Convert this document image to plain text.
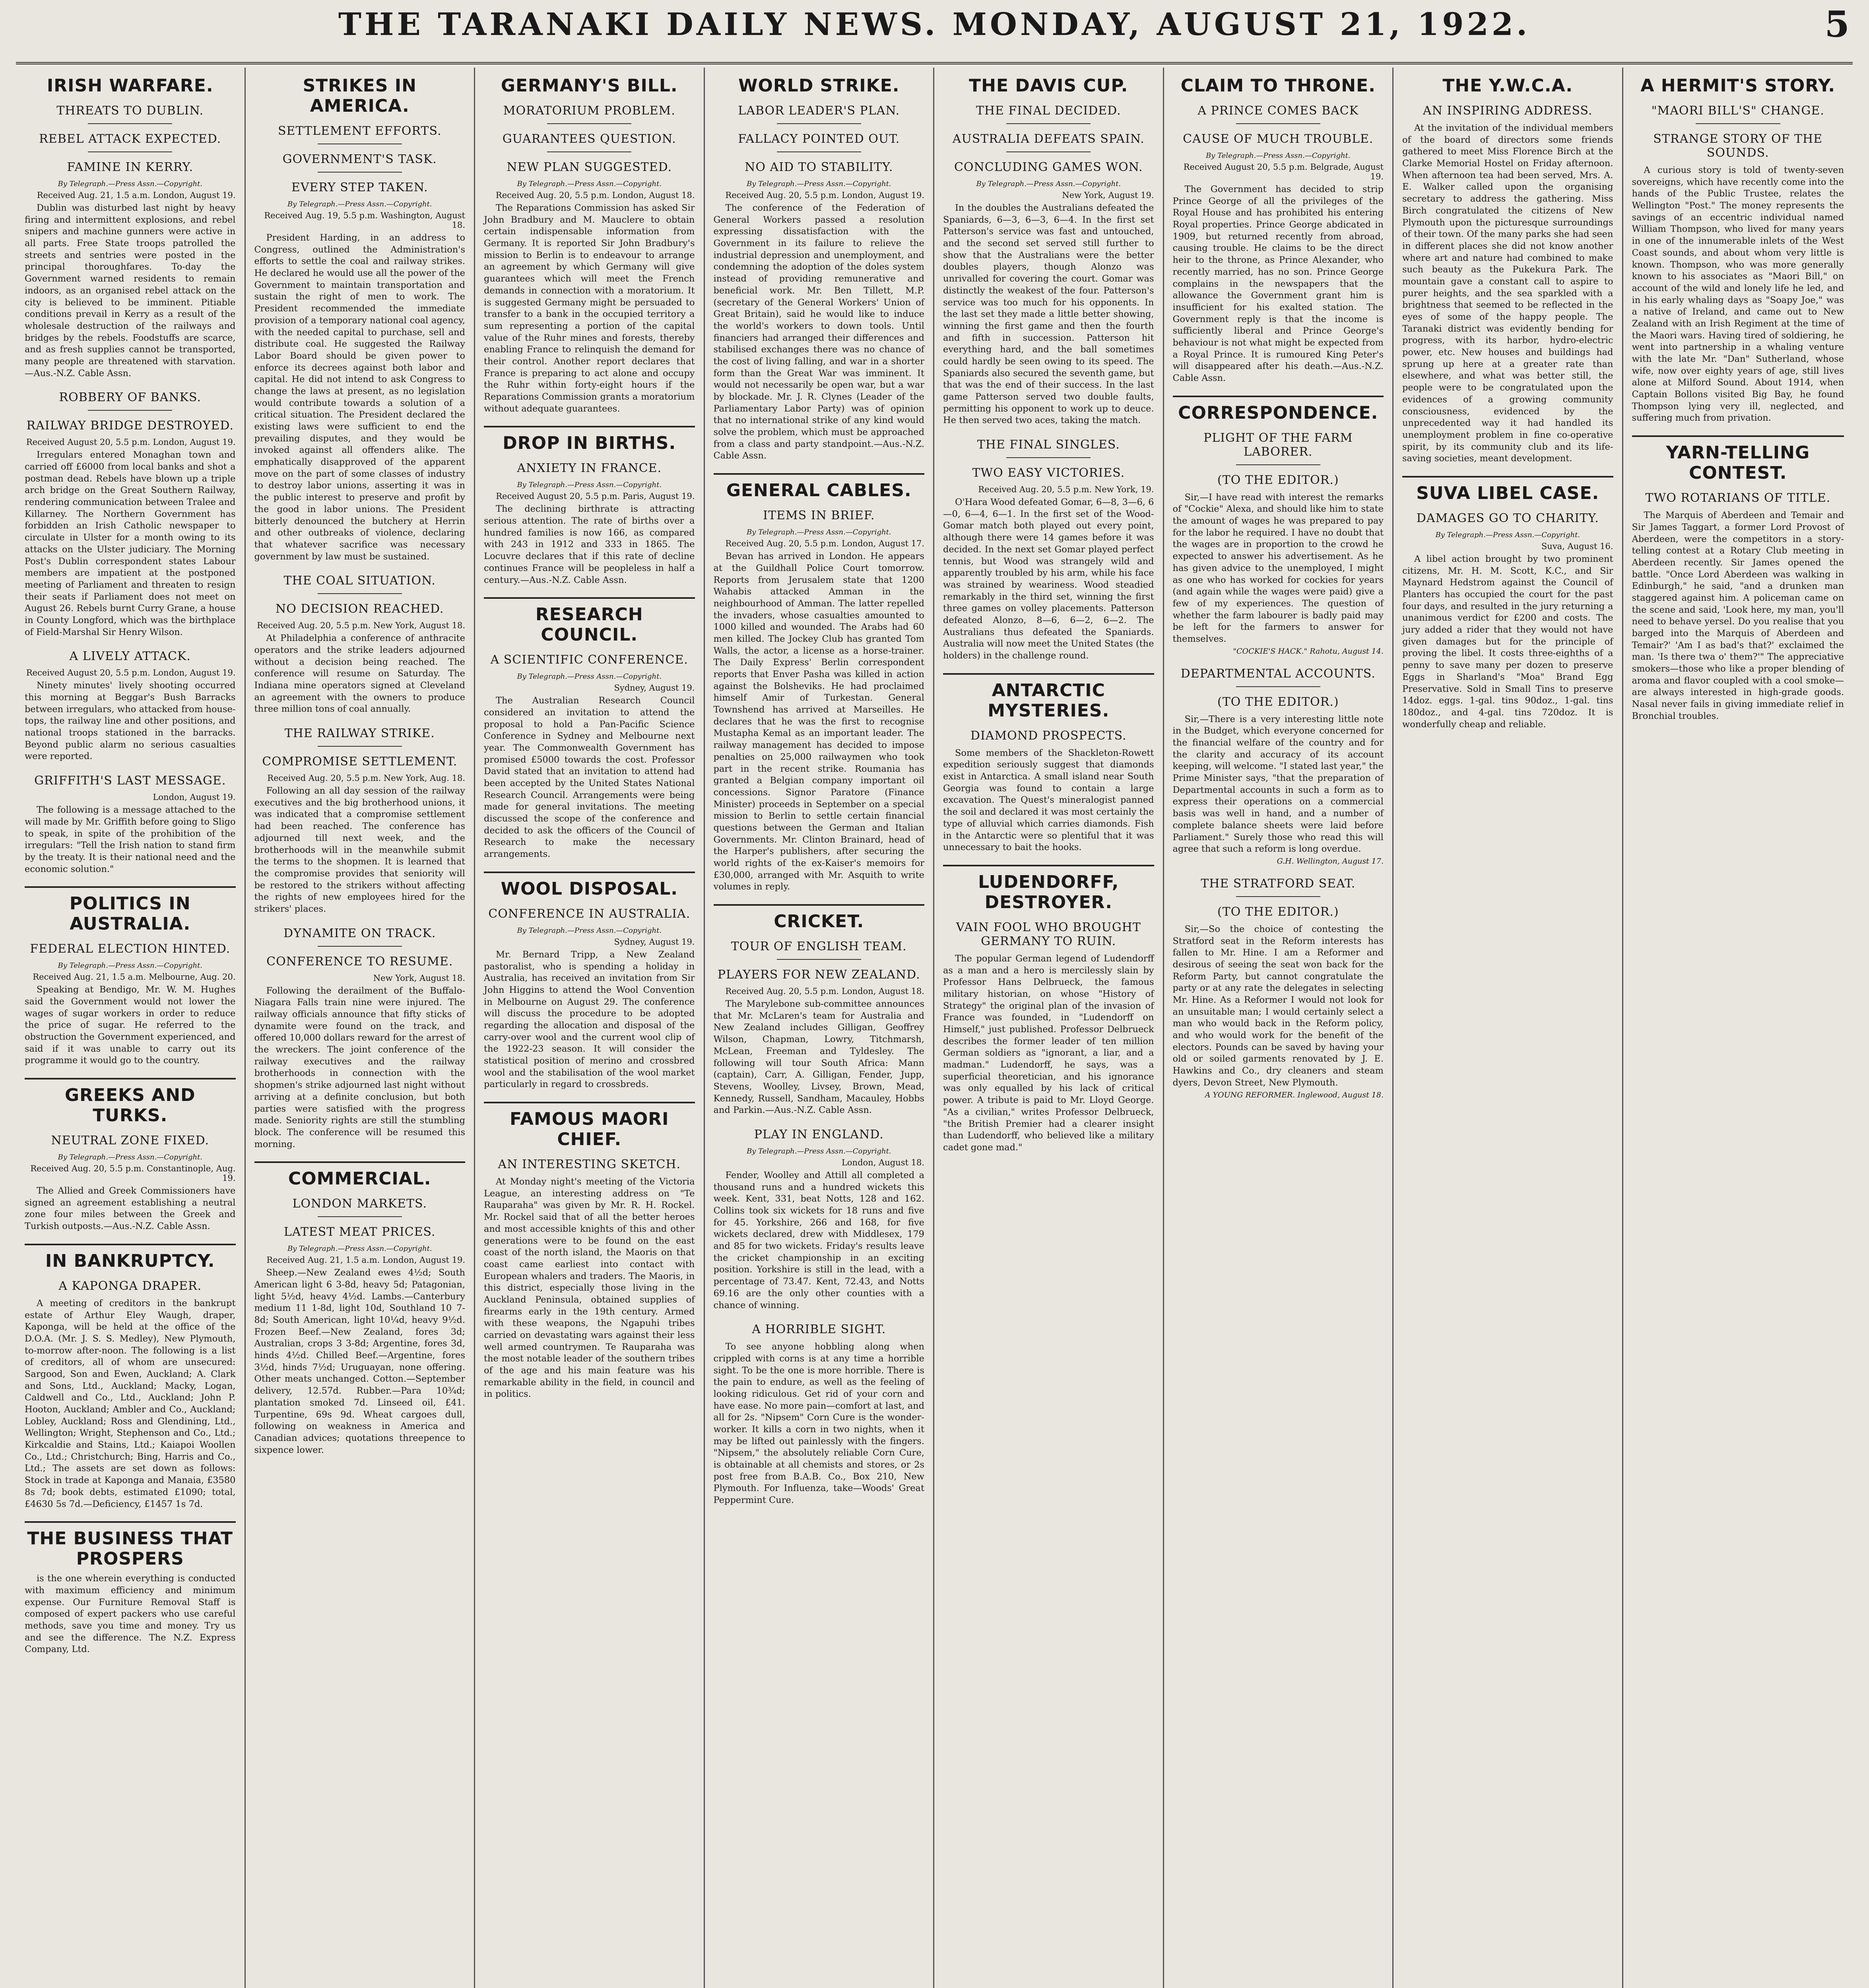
THE TARANAKI DAILY NEWS. MONDAY, AUGUST 21, 1922.	5
IRISH WARFARE.
THREATS TO DUBLIN.
REBEL ATTACK EXPECTED.
FAMINE IN KERRY.
By Telegraph.—Press Assn.—Copyright.
Received Aug. 21, 1.5 a.m. London, August 19.

Dublin was disturbed last night by heavy firing and intermittent explosions, and rebel snipers and machine gunners were active in all parts. Free State troops patrolled the streets and sentries were posted in the principal thoroughfares. To-day the Government warned residents to remain indoors, as an organised rebel attack on the city is believed to be imminent. Pitiable conditions prevail in Kerry as a result of the wholesale destruction of the railways and bridges by the rebels. Foodstuffs are scarce, and as fresh supplies cannot be transported, many people are threatened with starvation.—Aus.-N.Z. Cable Assn.

ROBBERY OF BANKS.
RAILWAY BRIDGE DESTROYED.
Received August 20, 5.5 p.m. London, August 19.

Irregulars entered Monaghan town and carried off £6000 from local banks and shot a postman dead. Rebels have blown up a triple arch bridge on the Great Southern Railway, rendering communication between Tralee and Killarney. The Northern Government has forbidden an Irish Catholic newspaper to circulate in Ulster for a month owing to its attacks on the Ulster judiciary. The Morning Post's Dublin correspondent states Labour members are impatient at the postponed meeting of Parliament and threaten to resign their seats if Parliament does not meet on August 26. Rebels burnt Curry Grane, a house in County Longford, which was the birthplace of Field-Marshal Sir Henry Wilson.

A LIVELY ATTACK.
Received August 20, 5.5 p.m. London, August 19.

Ninety minutes' lively shooting occurred this morning at Beggar's Bush Barracks between irregulars, who attacked from house-tops, the railway line and other positions, and national troops stationed in the barracks. Beyond public alarm no serious casualties were reported.

GRIFFITH'S LAST MESSAGE.
London, August 19.

The following is a message attached to the will made by Mr. Griffith before going to Sligo to speak, in spite of the prohibition of the irregulars: "Tell the Irish nation to stand firm by the treaty. It is their national need and the economic solution."

POLITICS IN AUSTRALIA.
FEDERAL ELECTION HINTED.
By Telegraph.—Press Assn.—Copyright.
Received Aug. 21, 1.5 a.m. Melbourne, Aug. 20.

Speaking at Bendigo, Mr. W. M. Hughes said the Government would not lower the wages of sugar workers in order to reduce the price of sugar. He referred to the obstruction the Government experienced, and said if it was unable to carry out its programme it would go to the country.

GREEKS AND TURKS.
NEUTRAL ZONE FIXED.
By Telegraph.—Press Assn.—Copyright.
Received Aug. 20, 5.5 p.m. Constantinople, Aug. 19.

The Allied and Greek Commissioners have signed an agreement establishing a neutral zone four miles between the Greek and Turkish outposts.—Aus.-N.Z. Cable Assn.

IN BANKRUPTCY.
A KAPONGA DRAPER.

A meeting of creditors in the bankrupt estate of Arthur Eley Waugh, draper, Kaponga, will be held at the office of the D.O.A. (Mr. J. S. S. Medley), New Plymouth, to-morrow after-noon. The following is a list of creditors, all of whom are unsecured: Sargood, Son and Ewen, Auckland; A. Clark and Sons, Ltd., Auckland; Macky, Logan, Caldwell and Co., Ltd., Auckland; John P. Hooton, Auckland; Ambler and Co., Auckland; Lobley, Auckland; Ross and Glendining, Ltd., Wellington; Wright, Stephenson and Co., Ltd.; Kirkcaldie and Stains, Ltd.; Kaiapoi Woollen Co., Ltd.; Christchurch; Bing, Harris and Co., Ltd.; The assets are set down as follows: Stock in trade at Kaponga and Manaia, £3580 8s 7d; book debts, estimated £1090; total, £4630 5s 7d.—Deficiency, £1457 1s 7d.

THE BUSINESS THAT PROSPERS

is the one wherein everything is conducted with maximum efficiency and minimum expense. Our Furniture Removal Staff is composed of expert packers who use careful methods, save you time and money. Try us and see the difference. The N.Z. Express Company, Ltd.

STRIKES IN AMERICA.
SETTLEMENT EFFORTS.
GOVERNMENT'S TASK.
EVERY STEP TAKEN.
By Telegraph.—Press Assn.—Copyright.
Received Aug. 19, 5.5 p.m. Washington, August 18.

President Harding, in an address to Congress, outlined the Administration's efforts to settle the coal and railway strikes. He declared he would use all the power of the Government to maintain transportation and sustain the right of men to work. The President recommended the immediate provision of a temporary national coal agency, with the needed capital to purchase, sell and distribute coal. He suggested the Railway Labor Board should be given power to enforce its decrees against both labor and capital. He did not intend to ask Congress to change the laws at present, as no legislation would contribute towards a solution of a critical situation. The President declared the existing laws were sufficient to end the prevailing disputes, and they would be invoked against all offenders alike. The emphatically disapproved of the apparent move on the part of some classes of industry to destroy labor unions, asserting it was in the public interest to preserve and profit by the good in labor unions. The President bitterly denounced the butchery at Herrin and other outbreaks of violence, declaring that whatever sacrifice was necessary government by law must be sustained.

THE COAL SITUATION.
NO DECISION REACHED.
Received Aug. 20, 5.5 p.m. New York, August 18.

At Philadelphia a conference of anthracite operators and the strike leaders adjourned without a decision being reached. The conference will resume on Saturday. The Indiana mine operators signed at Cleveland an agreement with the owners to produce three million tons of coal annually.

THE RAILWAY STRIKE.
COMPROMISE SETTLEMENT.
Received Aug. 20, 5.5 p.m. New York, Aug. 18.

Following an all day session of the railway executives and the big brotherhood unions, it was indicated that a compromise settlement had been reached. The conference has adjourned till next week, and the brotherhoods will in the meanwhile submit the terms to the shopmen. It is learned that the compromise provides that seniority will be restored to the strikers without affecting the rights of new employees hired for the strikers' places.

DYNAMITE ON TRACK.
CONFERENCE TO RESUME.
New York, August 18.

Following the derailment of the Buffalo-Niagara Falls train nine were injured. The railway officials announce that fifty sticks of dynamite were found on the track, and offered 10,000 dollars reward for the arrest of the wreckers. The joint conference of the railway executives and the railway brotherhoods in connection with the shopmen's strike adjourned last night without arriving at a definite conclusion, but both parties were satisfied with the progress made. Seniority rights are still the stumbling block. The conference will be resumed this morning.

COMMERCIAL.
LONDON MARKETS.
LATEST MEAT PRICES.
By Telegraph.—Press Assn.—Copyright.
Received Aug. 21, 1.5 a.m. London, August 19.

Sheep.—New Zealand ewes 4½d; South American light 6 3-8d, heavy 5d; Patagonian, light 5½d, heavy 4½d. Lambs.—Canterbury medium 11 1-8d, light 10d, Southland 10 7-8d; South American, light 10¼d, heavy 9½d. Frozen Beef.—New Zealand, fores 3d; Australian, crops 3 3-8d; Argentine, fores 3d, hinds 4½d. Chilled Beef.—Argentine, fores 3½d, hinds 7½d; Uruguayan, none offering. Other meats unchanged. Cotton.—September delivery, 12.57d. Rubber.—Para 10¾d; plantation smoked 7d. Linseed oil, £41. Turpentine, 69s 9d. Wheat cargoes dull, following on weakness in America and Canadian advices; quotations threepence to sixpence lower.

GERMANY'S BILL.
MORATORIUM PROBLEM.
GUARANTEES QUESTION.
NEW PLAN SUGGESTED.
By Telegraph.—Press Assn.—Copyright.
Received Aug. 20, 5.5 p.m. London, August 18.

The Reparations Commission has asked Sir John Bradbury and M. Mauclere to obtain certain indispensable information from Germany. It is reported Sir John Bradbury's mission to Berlin is to endeavour to arrange an agreement by which Germany will give guarantees which will meet the French demands in connection with a moratorium. It is suggested Germany might be persuaded to transfer to a bank in the occupied territory a sum representing a portion of the capital value of the Ruhr mines and forests, thereby enabling France to relinquish the demand for their control. Another report declares that France is preparing to act alone and occupy the Ruhr within forty-eight hours if the Reparations Commission grants a moratorium without adequate guarantees.

DROP IN BIRTHS.
ANXIETY IN FRANCE.
By Telegraph.—Press Assn.—Copyright.
Received August 20, 5.5 p.m. Paris, August 19.

The declining birthrate is attracting serious attention. The rate of births over a hundred families is now 166, as compared with 243 in 1912 and 333 in 1865. The Locuvre declares that if this rate of decline continues France will be peopleless in half a century.—Aus.-N.Z. Cable Assn.

RESEARCH COUNCIL.
A SCIENTIFIC CONFERENCE.
By Telegraph.—Press Assn.—Copyright.
Sydney, August 19.

The Australian Research Council considered an invitation to attend the proposal to hold a Pan-Pacific Science Conference in Sydney and Melbourne next year. The Commonwealth Government has promised £5000 towards the cost. Professor David stated that an invitation to attend had been accepted by the United States National Research Council. Arrangements were being made for general invitations. The meeting discussed the scope of the conference and decided to ask the officers of the Council of Research to make the necessary arrangements.

WOOL DISPOSAL.
CONFERENCE IN AUSTRALIA.
By Telegraph.—Press Assn.—Copyright.
Sydney, August 19.

Mr. Bernard Tripp, a New Zealand pastoralist, who is spending a holiday in Australia, has received an invitation from Sir John Higgins to attend the Wool Convention in Melbourne on August 29. The conference will discuss the procedure to be adopted regarding the allocation and disposal of the carry-over wool and the current wool clip of the 1922-23 season. It will consider the statistical position of merino and crossbred wool and the stabilisation of the wool market particularly in regard to crossbreds.

FAMOUS MAORI CHIEF.
AN INTERESTING SKETCH.

At Monday night's meeting of the Victoria League, an interesting address on "Te Rauparaha" was given by Mr. R. H. Rockel. Mr. Rockel said that of all the better heroes and most accessible knights of this and other generations were to be found on the east coast of the north island, the Maoris on that coast came earliest into contact with European whalers and traders. The Maoris, in this district, especially those living in the Auckland Peninsula, obtained supplies of firearms early in the 19th century. Armed with these weapons, the Ngapuhi tribes carried on devastating wars against their less well armed countrymen. Te Rauparaha was the most notable leader of the southern tribes of the age and his main feature was his remarkable ability in the field, in council and in politics.

WORLD STRIKE.
LABOR LEADER'S PLAN.
FALLACY POINTED OUT.
NO AID TO STABILITY.
By Telegraph.—Press Assn.—Copyright.
Received Aug. 20, 5.5 p.m. London, August 19.

The conference of the Federation of General Workers passed a resolution expressing dissatisfaction with the Government in its failure to relieve the industrial depression and unemployment, and condemning the adoption of the doles system instead of providing remunerative and beneficial work. Mr. Ben Tillett, M.P. (secretary of the General Workers' Union of Great Britain), said he would like to induce the world's workers to down tools. Until financiers had arranged their differences and stabilised exchanges there was no chance of the cost of living falling, and war in a shorter form than the Great War was imminent. It would not necessarily be open war, but a war by blockade. Mr. J. R. Clynes (Leader of the Parliamentary Labor Party) was of opinion that no international strike of any kind would solve the problem, which must be approached from a class and party standpoint.—Aus.-N.Z. Cable Assn.

GENERAL CABLES.
ITEMS IN BRIEF.
By Telegraph.—Press Assn.—Copyright.
Received Aug. 20, 5.5 p.m. London, August 17.

Bevan has arrived in London. He appears at the Guildhall Police Court tomorrow. Reports from Jerusalem state that 1200 Wahabis attacked Amman in the neighbourhood of Amman. The latter repelled the invaders, whose casualties amounted to 1000 killed and wounded. The Arabs had 60 men killed. The Jockey Club has granted Tom Walls, the actor, a license as a horse-trainer. The Daily Express' Berlin correspondent reports that Enver Pasha was killed in action against the Bolsheviks. He had proclaimed himself Amir of Turkestan. General Townshend has arrived at Marseilles. He declares that he was the first to recognise Mustapha Kemal as an important leader. The railway management has decided to impose penalties on 25,000 railwaymen who took part in the recent strike. Roumania has granted a Belgian company important oil concessions. Signor Paratore (Finance Minister) proceeds in September on a special mission to Berlin to settle certain financial questions between the German and Italian Governments. Mr. Clinton Brainard, head of the Harper's publishers, after securing the world rights of the ex-Kaiser's memoirs for £30,000, arranged with Mr. Asquith to write volumes in reply.

CRICKET.
TOUR OF ENGLISH TEAM.
PLAYERS FOR NEW ZEALAND.
Received Aug. 20, 5.5 p.m. London, August 18.

The Marylebone sub-committee announces that Mr. McLaren's team for Australia and New Zealand includes Gilligan, Geoffrey Wilson, Chapman, Lowry, Titchmarsh, McLean, Freeman and Tyldesley. The following will tour South Africa: Mann (captain), Carr, A. Gilligan, Fender, Jupp, Stevens, Woolley, Livsey, Brown, Mead, Kennedy, Russell, Sandham, Macauley, Hobbs and Parkin.—Aus.-N.Z. Cable Assn.

PLAY IN ENGLAND.
By Telegraph.—Press Assn.—Copyright.
London, August 18.

Fender, Woolley and Attill all completed a thousand runs and a hundred wickets this week. Kent, 331, beat Notts, 128 and 162. Collins took six wickets for 18 runs and five for 45. Yorkshire, 266 and 168, for five wickets declared, drew with Middlesex, 179 and 85 for two wickets. Friday's results leave the cricket championship in an exciting position. Yorkshire is still in the lead, with a percentage of 73.47. Kent, 72.43, and Notts 69.16 are the only other counties with a chance of winning.

A HORRIBLE SIGHT.

To see anyone hobbling along when crippled with corns is at any time a horrible sight. To be the one is more horrible. There is the pain to endure, as well as the feeling of looking ridiculous. Get rid of your corn and have ease. No more pain—comfort at last, and all for 2s. "Nipsem" Corn Cure is the wonder-worker. It kills a corn in two nights, when it may be lifted out painlessly with the fingers. "Nipsem," the absolutely reliable Corn Cure, is obtainable at all chemists and stores, or 2s post free from B.A.B. Co., Box 210, New Plymouth. For Influenza, take—Woods' Great Peppermint Cure.

THE DAVIS CUP.
THE FINAL DECIDED.
AUSTRALIA DEFEATS SPAIN.
CONCLUDING GAMES WON.
By Telegraph.—Press Assn.—Copyright.
New York, August 19.

In the doubles the Australians defeated the Spaniards, 6—3, 6—3, 6—4. In the first set Patterson's service was fast and untouched, and the second set served still further to show that the Australians were the better doubles players, though Alonzo was unrivalled for covering the court. Gomar was distinctly the weakest of the four. Patterson's service was too much for his opponents. In the last set they made a little better showing, winning the first game and then the fourth and fifth in succession. Patterson hit everything hard, and the ball sometimes could hardly be seen owing to its speed. The Spaniards also secured the seventh game, but that was the end of their success. In the last game Patterson served two double faults, permitting his opponent to work up to deuce. He then served two aces, taking the match.

THE FINAL SINGLES.
TWO EASY VICTORIES.
Received Aug. 20, 5.5 p.m. New York, 19.

O'Hara Wood defeated Gomar, 6—8, 3—6, 6—0, 6—4, 6—1. In the first set of the Wood-Gomar match both played out every point, although there were 14 games before it was decided. In the next set Gomar played perfect tennis, but Wood was strangely wild and apparently troubled by his arm, while his face was strained by weariness. Wood steadied remarkably in the third set, winning the first three games on volley placements. Patterson defeated Alonzo, 8—6, 6—2, 6—2. The Australians thus defeated the Spaniards. Australia will now meet the United States (the holders) in the challenge round.

ANTARCTIC MYSTERIES.
DIAMOND PROSPECTS.

Some members of the Shackleton-Rowett expedition seriously suggest that diamonds exist in Antarctica. A small island near South Georgia was found to contain a large excavation. The Quest's mineralogist panned the soil and declared it was most certainly the type of alluvial which carries diamonds. Fish in the Antarctic were so plentiful that it was unnecessary to bait the hooks.

LUDENDORFF, DESTROYER.
VAIN FOOL WHO BROUGHT GERMANY TO RUIN.

The popular German legend of Ludendorff as a man and a hero is mercilessly slain by Professor Hans Delbrueck, the famous military historian, on whose "History of Strategy" the original plan of the invasion of France was founded, in "Ludendorff on Himself," just published. Professor Delbrueck describes the former leader of ten million German soldiers as "ignorant, a liar, and a madman." Ludendorff, he says, was a superficial theoretician, and his ignorance was only equalled by his lack of critical power. A tribute is paid to Mr. Lloyd George. "As a civilian," writes Professor Delbrueck, "the British Premier had a clearer insight than Ludendorff, who believed like a military cadet gone mad."

CLAIM TO THRONE.
A PRINCE COMES BACK
CAUSE OF MUCH TROUBLE.
By Telegraph.—Press Assn.—Copyright.
Received August 20, 5.5 p.m. Belgrade, August 19.

The Government has decided to strip Prince George of all the privileges of the Royal House and has prohibited his entering Royal properties. Prince George abdicated in 1909, but returned recently from abroad, causing trouble. He claims to be the direct heir to the throne, as Prince Alexander, who recently married, has no son. Prince George complains in the newspapers that the allowance the Government grant him is insufficient for his exalted station. The Government reply is that the income is sufficiently liberal and Prince George's behaviour is not what might be expected from a Royal Prince. It is rumoured King Peter's will disappeared after his death.—Aus.-N.Z. Cable Assn.

CORRESPONDENCE.
PLIGHT OF THE FARM LABORER.
(TO THE EDITOR.)

Sir,—I have read with interest the remarks of "Cockie" Alexa, and should like him to state the amount of wages he was prepared to pay for the labor he required. I have no doubt that the wages are in proportion to the crowd he expected to answer his advertisement. As he has given advice to the unemployed, I might as one who has worked for cockies for years (and again while the wages were paid) give a few of my experiences. The question of whether the farm labourer is badly paid may be left for the farmers to answer for themselves.

"COCKIE'S HACK." Rahotu, August 14.
DEPARTMENTAL ACCOUNTS.
(TO THE EDITOR.)

Sir,—There is a very interesting little note in the Budget, which everyone concerned for the financial welfare of the country and for the clarity and accuracy of its account keeping, will welcome. "I stated last year," the Prime Minister says, "that the preparation of Departmental accounts in such a form as to express their operations on a commercial basis was well in hand, and a number of complete balance sheets were laid before Parliament." Surely those who read this will agree that such a reform is long overdue.

G.H. Wellington, August 17.
THE STRATFORD SEAT.
(TO THE EDITOR.)

Sir,—So the choice of contesting the Stratford seat in the Reform interests has fallen to Mr. Hine. I am a Reformer and desirous of seeing the seat won back for the Reform Party, but cannot congratulate the party or at any rate the delegates in selecting Mr. Hine. As a Reformer I would not look for an unsuitable man; I would certainly select a man who would back in the Reform policy, and who would work for the benefit of the electors. Pounds can be saved by having your old or soiled garments renovated by J. E. Hawkins and Co., dry cleaners and steam dyers, Devon Street, New Plymouth.

A YOUNG REFORMER. Inglewood, August 18.
THE Y.W.C.A.
AN INSPIRING ADDRESS.

At the invitation of the individual members of the board of directors some friends gathered to meet Miss Florence Birch at the Clarke Memorial Hostel on Friday afternoon. When afternoon tea had been served, Mrs. A. E. Walker called upon the organising secretary to address the gathering. Miss Birch congratulated the citizens of New Plymouth upon the picturesque surroundings of their town. Of the many parks she had seen in different places she did not know another where art and nature had combined to make such beauty as the Pukekura Park. The mountain gave a constant call to aspire to purer heights, and the sea sparkled with a brightness that seemed to be reflected in the eyes of some of the happy people. The Taranaki district was evidently bending for progress, with its harbor, hydro-electric power, etc. New houses and buildings had sprung up here at a greater rate than elsewhere, and what was better still, the people were to be congratulated upon the evidences of a growing community consciousness, evidenced by the unprecedented way it had handled its unemployment problem in fine co-operative spirit, by its community club and its life-saving societies, meant development.

SUVA LIBEL CASE.
DAMAGES GO TO CHARITY.
By Telegraph.—Press Assn.—Copyright.
Suva, August 16.

A libel action brought by two prominent citizens, Mr. H. M. Scott, K.C., and Sir Maynard Hedstrom against the Council of Planters has occupied the court for the past four days, and resulted in the jury returning a unanimous verdict for £200 and costs. The jury added a rider that they would not have given damages but for the principle of proving the libel. It costs three-eighths of a penny to save many per dozen to preserve Eggs in Sharland's "Moa" Brand Egg Preservative. Sold in Small Tins to preserve 14doz. eggs. 1-gal. tins 90doz., 1-gal. tins 180doz., and 4-gal. tins 720doz. It is wonderfully cheap and reliable.

A HERMIT'S STORY.
"MAORI BILL'S" CHANGE.
STRANGE STORY OF THE SOUNDS.

A curious story is told of twenty-seven sovereigns, which have recently come into the hands of the Public Trustee, relates the Wellington "Post." The money represents the savings of an eccentric individual named William Thompson, who lived for many years in one of the innumerable inlets of the West Coast sounds, and about whom very little is known. Thompson, who was more generally known to his associates as "Maori Bill," on account of the wild and lonely life he led, and in his early whaling days as "Soapy Joe," was a native of Ireland, and came out to New Zealand with an Irish Regiment at the time of the Maori wars. Having tired of soldiering, he went into partnership in a whaling venture with the late Mr. "Dan" Sutherland, whose wife, now over eighty years of age, still lives alone at Milford Sound. About 1914, when Captain Bollons visited Big Bay, he found Thompson lying very ill, neglected, and suffering much from privation.

YARN-TELLING CONTEST.
TWO ROTARIANS OF TITLE.

The Marquis of Aberdeen and Temair and Sir James Taggart, a former Lord Provost of Aberdeen, were the competitors in a story-telling contest at a Rotary Club meeting in Aberdeen recently. Sir James opened the battle. "Once Lord Aberdeen was walking in Edinburgh," he said, "and a drunken man staggered against him. A policeman came on the scene and said, 'Look here, my man, you'll need to behave yersel. Do you realise that you barged into the Marquis of Aberdeen and Temair?' 'Am I as bad's that?' exclaimed the man. 'Is there twa o' them?'" The appreciative smokers—those who like a proper blending of aroma and flavor coupled with a cool smoke—are always interested in high-grade goods. Nasal never fails in giving immediate relief in Bronchial troubles.
